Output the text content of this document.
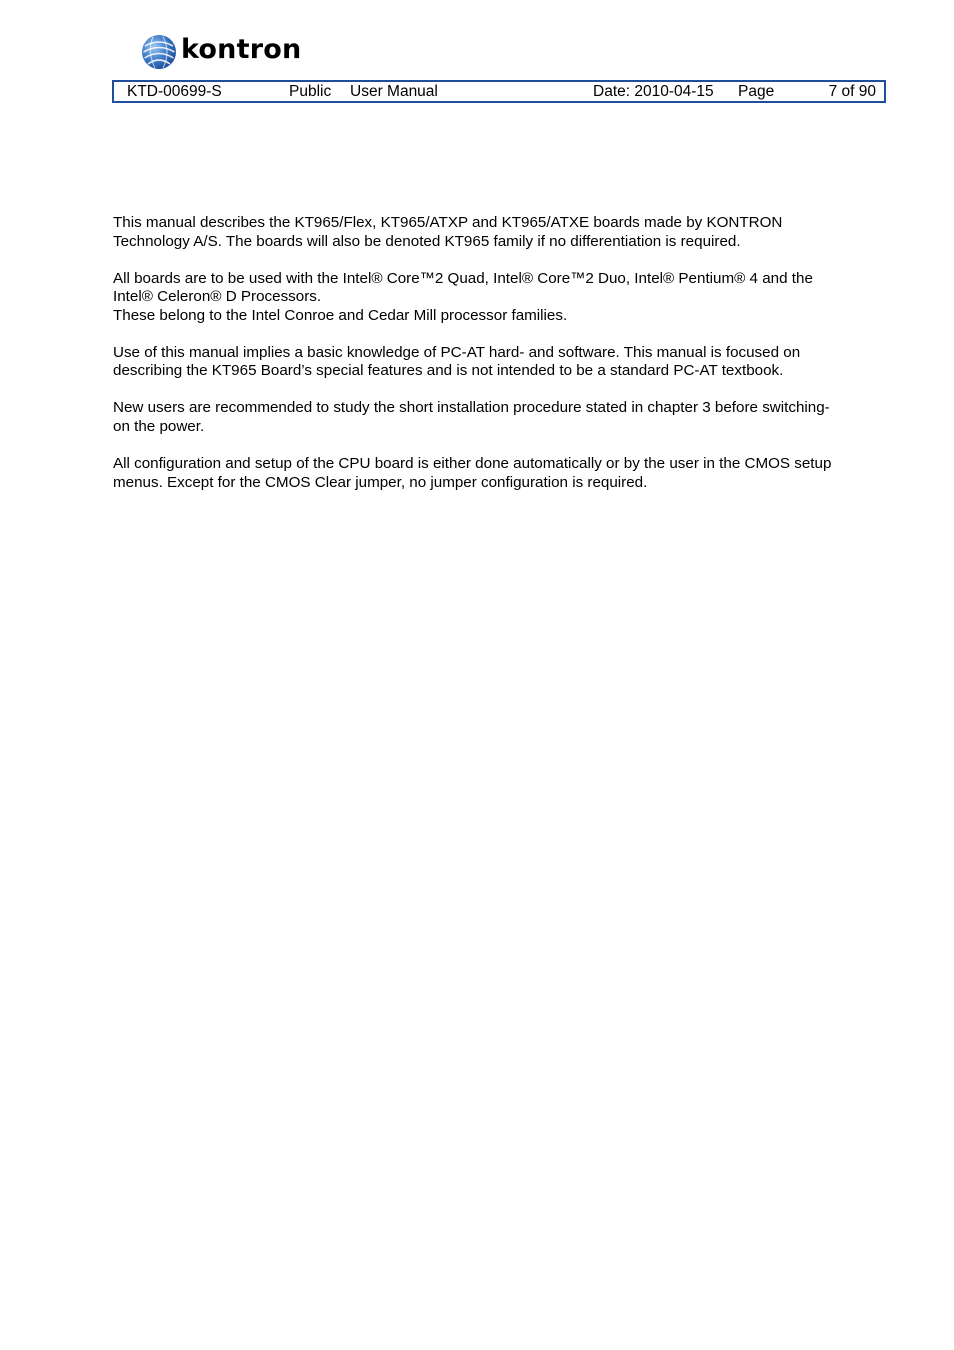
kontron
KTD-00699-S	Public User Manual	Date: 2010-04-15 Page	7 of 90

This manual describes the KT965/Flex, KT965/ATXP and KT965/ATXE boards made by KONTRON
Technology A/S. The boards will also be denoted KT965 family if no differentiation is required.

All boards are to be used with the Intel® Core™2 Quad, Intel® Core™2 Duo, Intel® Pentium® 4 and the
Intel® Celeron® D Processors.
These belong to the Intel Conroe and Cedar Mill processor families.

Use of this manual implies a basic knowledge of PC-AT hard- and software. This manual is focused on
describing the KT965 Board’s special features and is not intended to be a standard PC-AT textbook.

New users are recommended to study the short installation procedure stated in chapter 3 before switching-
on the power.

All configuration and setup of the CPU board is either done automatically or by the user in the CMOS setup
menus. Except for the CMOS Clear jumper, no jumper configuration is required.
